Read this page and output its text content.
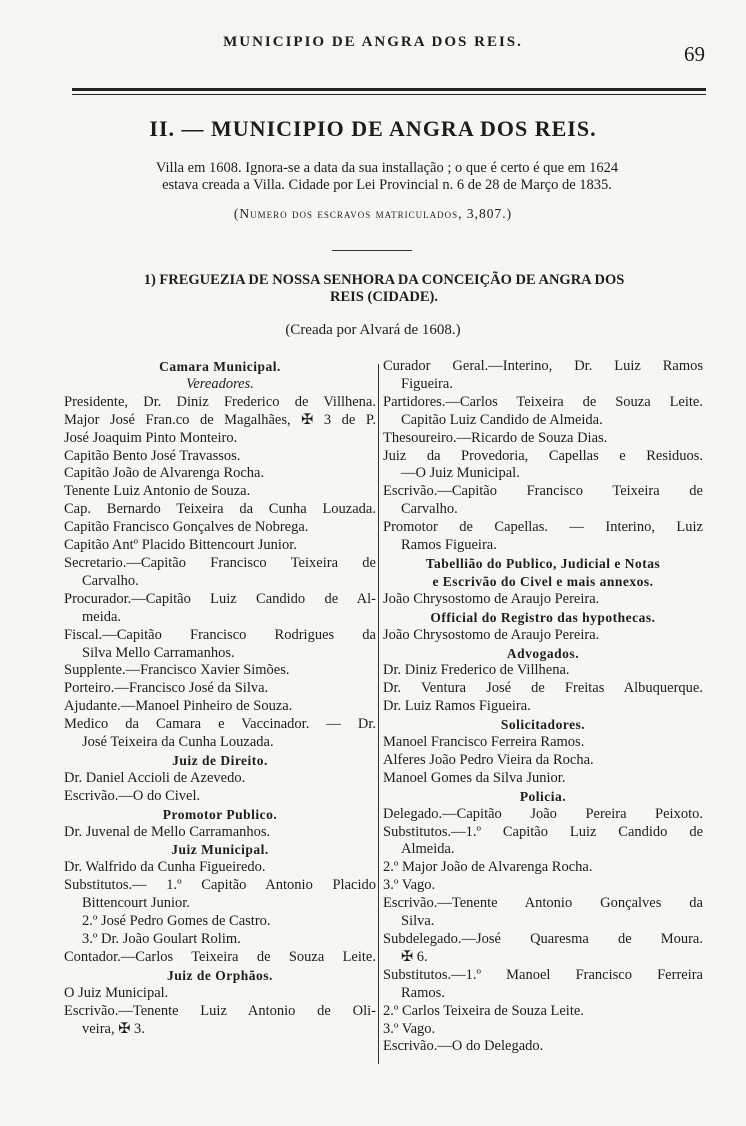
MUNICIPIO DE ANGRA DOS REIS.	69
II. — MUNICIPIO DE ANGRA DOS REIS.

Villa em 1608. Ignora-se a data da sua installação ; o que é certo é que em 1624

estava creada a Villa. Cidade por Lei Provincial n. 6 de 28 de Março de 1835.

(Numero dos escravos matriculados, 3,807.)

1) FREGUEZIA DE NOSSA SENHORA DA CONCEIÇÃO DE ANGRA DOS

REIS (CIDADE).

(Creada por Alvará de 1608.)
Camara Municipal.
Vereadores.
Presidente, Dr. Diniz Frederico de Villhena.
Major José Fran.co de Magalhães, ✠ 3 de P.
José Joaquim Pinto Monteiro.
Capitão Bento José Travassos.
Capitão João de Alvarenga Rocha.
Tenente Luiz Antonio de Souza.
Cap. Bernardo Teixeira da Cunha Louzada.
Capitão Francisco Gonçalves de Nobrega.
Capitão Antº Placido Bittencourt Junior.
Secretario.—Capitão Francisco Teixeira de
Carvalho.
Procurador.—Capitão Luiz Candido de Al-
meida.
Fiscal.—Capitão Francisco Rodrigues da
Silva Mello Carramanhos.
Supplente.—Francisco Xavier Simões.
Porteiro.—Francisco José da Silva.
Ajudante.—Manoel Pinheiro de Souza.
Medico da Camara e Vaccinador. — Dr.
José Teixeira da Cunha Louzada.
Juiz de Direito.
Dr. Daniel Accioli de Azevedo.
Escrivão.—O do Civel.
Promotor Publico.
Dr. Juvenal de Mello Carramanhos.
Juiz Municipal.
Dr. Walfrido da Cunha Figueiredo.
Substitutos.— 1.º Capitão Antonio Placido
Bittencourt Junior.
2.º José Pedro Gomes de Castro.
3.º Dr. João Goulart Rolim.
Contador.—Carlos Teixeira de Souza Leite.
Juiz de Orphãos.
O Juiz Municipal.
Escrivão.—Tenente Luiz Antonio de Oli-
veira, ✠ 3.
Curador Geral.—Interino, Dr. Luiz Ramos
Figueira.
Partidores.—Carlos Teixeira de Souza Leite.
Capitão Luiz Candido de Almeida.
Thesoureiro.—Ricardo de Souza Dias.
Juiz da Provedoria, Capellas e Residuos.
—O Juiz Municipal.
Escrivão.—Capitão Francisco Teixeira de
Carvalho.
Promotor de Capellas. — Interino, Luiz
Ramos Figueira.
Tabellião do Publico, Judicial e Notas
e Escrivão do Civel e mais annexos.
João Chrysostomo de Araujo Pereira.
Official do Registro das hypothecas.
João Chrysostomo de Araujo Pereira.
Advogados.
Dr. Diniz Frederico de Villhena.
Dr. Ventura José de Freitas Albuquerque.
Dr. Luiz Ramos Figueira.
Solicitadores.
Manoel Francisco Ferreira Ramos.
Alferes João Pedro Vieira da Rocha.
Manoel Gomes da Silva Junior.
Policia.
Delegado.—Capitão João Pereira Peixoto.
Substitutos.—1.º Capitão Luiz Candido de
Almeida.
2.º Major João de Alvarenga Rocha.
3.º Vago.
Escrivão.—Tenente Antonio Gonçalves da
Silva.
Subdelegado.—José Quaresma de Moura.
✠ 6.
Substitutos.—1.º Manoel Francisco Ferreira
Ramos.
2.º Carlos Teixeira de Souza Leite.
3.º Vago.
Escrivão.—O do Delegado.
